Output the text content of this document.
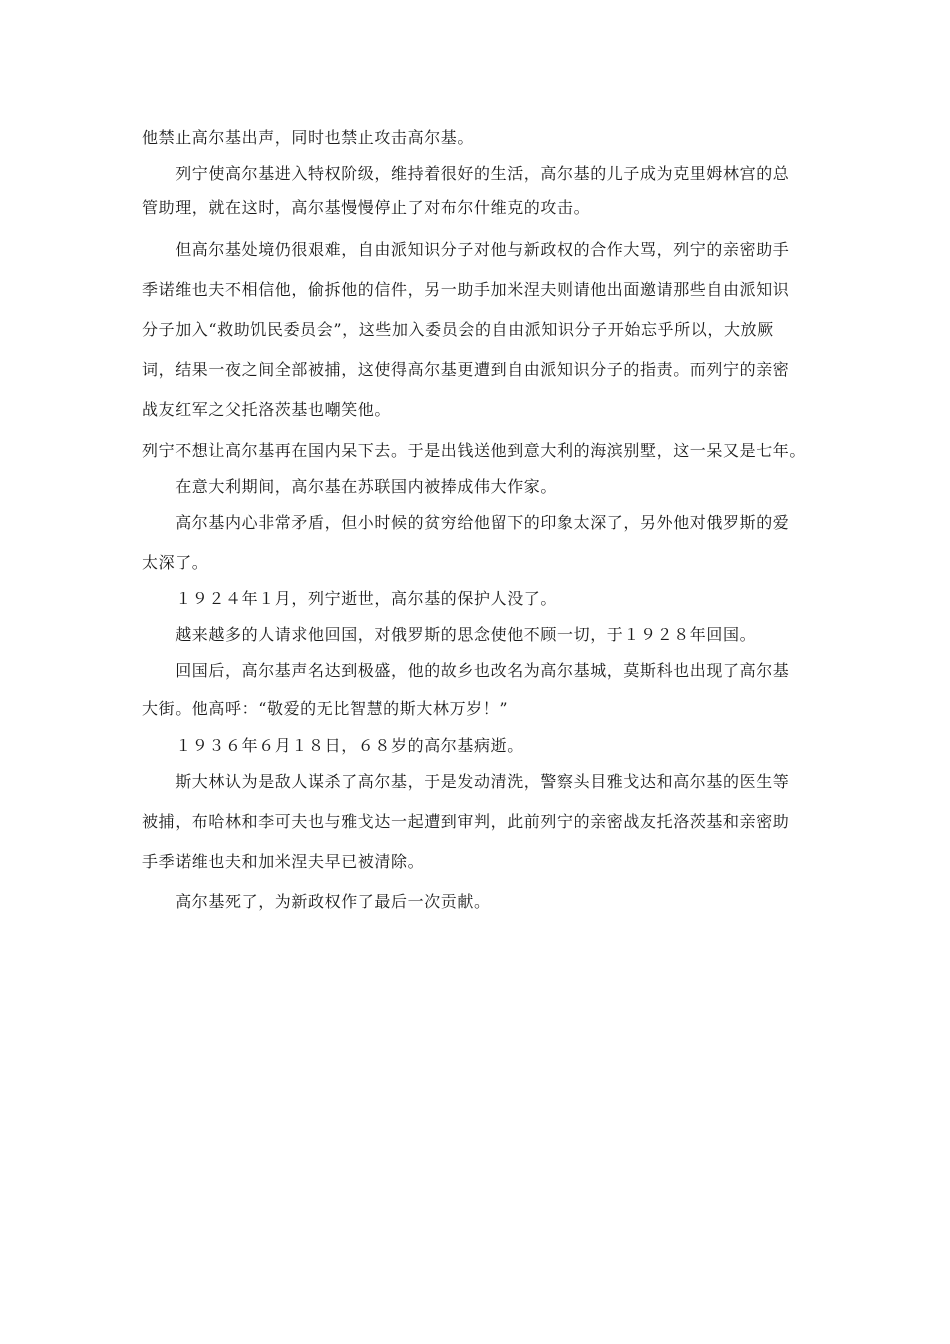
他禁止高尔基出声，同时也禁止攻击高尔基。

　　列宁使高尔基进入特权阶级，维持着很好的生活，高尔基的儿子成为克里姆林宫的总
管助理，就在这时，高尔基慢慢停止了对布尔什维克的攻击。

　　但高尔基处境仍很艰难，自由派知识分子对他与新政权的合作大骂，列宁的亲密助手
季诺维也夫不相信他，偷拆他的信件，另一助手加米涅夫则请他出面邀请那些自由派知识
分子加入“救助饥民委员会”，这些加入委员会的自由派知识分子开始忘乎所以，大放厥
词，结果一夜之间全部被捕，这使得高尔基更遭到自由派知识分子的指责。而列宁的亲密
战友红军之父托洛茨基也嘲笑他。

列宁不想让高尔基再在国内呆下去。于是出钱送他到意大利的海滨别墅，这一呆又是七年。

　　在意大利期间，高尔基在苏联国内被捧成伟大作家。

　　高尔基内心非常矛盾，但小时候的贫穷给他留下的印象太深了，另外他对俄罗斯的爱
太深了。

　　１９２４年１月，列宁逝世，高尔基的保护人没了。

　　越来越多的人请求他回国，对俄罗斯的思念使他不顾一切，于１９２８年回国。

　　回国后，高尔基声名达到极盛，他的故乡也改名为高尔基城，莫斯科也出现了高尔基
大街。他高呼：“敬爱的无比智慧的斯大林万岁！”

　　１９３６年６月１８日，６８岁的高尔基病逝。

　　斯大林认为是敌人谋杀了高尔基，于是发动清洗，警察头目雅戈达和高尔基的医生等
被捕，布哈林和李可夫也与雅戈达一起遭到审判，此前列宁的亲密战友托洛茨基和亲密助
手季诺维也夫和加米涅夫早已被清除。

　　高尔基死了，为新政权作了最后一次贡献。
